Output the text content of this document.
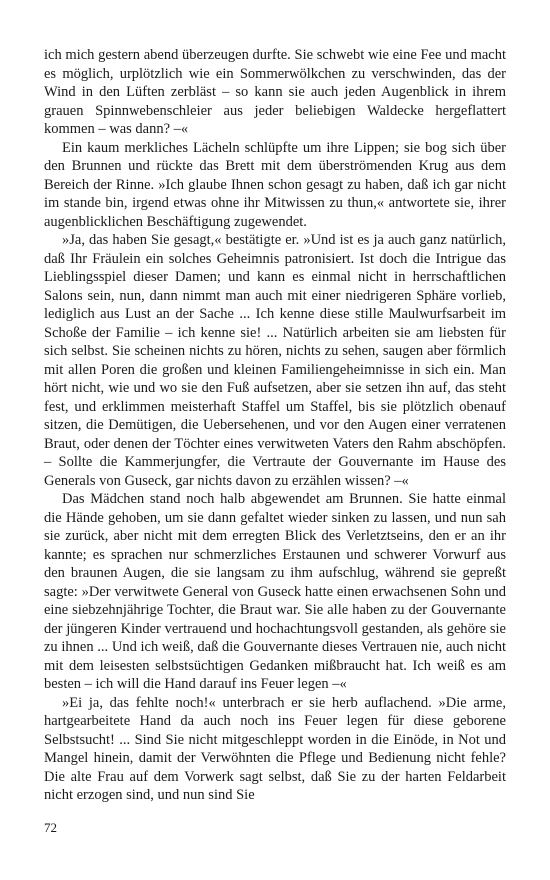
ich mich gestern abend überzeugen durfte. Sie schwebt wie eine Fee und macht es möglich, urplötzlich wie ein Sommerwölkchen zu verschwinden, das der Wind in den Lüften zerbläst – so kann sie auch jeden Augenblick in ihrem grauen Spinnwebenschleier aus jeder beliebigen Waldecke hergeflattert kommen – was dann? –«

Ein kaum merkliches Lächeln schlüpfte um ihre Lippen; sie bog sich über den Brunnen und rückte das Brett mit dem überströmenden Krug aus dem Bereich der Rinne. »Ich glaube Ihnen schon gesagt zu haben, daß ich gar nicht im stande bin, irgend etwas ohne ihr Mitwissen zu thun,« antwortete sie, ihrer augenblicklichen Beschäftigung zugewendet.

»Ja, das haben Sie gesagt,« bestätigte er. »Und ist es ja auch ganz natürlich, daß Ihr Fräulein ein solches Geheimnis patronisiert. Ist doch die Intrigue das Lieblingsspiel dieser Damen; und kann es einmal nicht in herrschaftlichen Salons sein, nun, dann nimmt man auch mit einer niedrigeren Sphäre vorlieb, lediglich aus Lust an der Sache ... Ich kenne diese stille Maulwurfsarbeit im Schoße der Familie – ich kenne sie! ... Natürlich arbeiten sie am liebsten für sich selbst. Sie scheinen nichts zu hören, nichts zu sehen, saugen aber förmlich mit allen Poren die großen und kleinen Familiengeheimnisse in sich ein. Man hört nicht, wie und wo sie den Fuß aufsetzen, aber sie setzen ihn auf, das steht fest, und erklimmen meisterhaft Staffel um Staffel, bis sie plötzlich obenauf sitzen, die Demütigen, die Uebersehenen, und vor den Augen einer verratenen Braut, oder denen der Töchter eines verwitweten Vaters den Rahm abschöpfen. – Sollte die Kammerjungfer, die Vertraute der Gouvernante im Hause des Generals von Guseck, gar nichts davon zu erzählen wissen? –«

Das Mädchen stand noch halb abgewendet am Brunnen. Sie hatte einmal die Hände gehoben, um sie dann gefaltet wieder sinken zu lassen, und nun sah sie zurück, aber nicht mit dem erregten Blick des Verletztseins, den er an ihr kannte; es sprachen nur schmerzliches Erstaunen und schwerer Vorwurf aus den braunen Augen, die sie langsam zu ihm aufschlug, während sie gepreßt sagte: »Der verwitwete General von Guseck hatte einen erwachsenen Sohn und eine siebzehnjährige Tochter, die Braut war. Sie alle haben zu der Gouvernante der jüngeren Kinder vertrauend und hochachtungsvoll gestanden, als gehöre sie zu ihnen ... Und ich weiß, daß die Gouvernante dieses Vertrauen nie, auch nicht mit dem leisesten selbstsüchtigen Gedanken mißbraucht hat. Ich weiß es am besten – ich will die Hand darauf ins Feuer legen –«

»Ei ja, das fehlte noch!« unterbrach er sie herb auflachend. »Die arme, hartgearbeitete Hand da auch noch ins Feuer legen für diese geborene Selbstsucht! ... Sind Sie nicht mitgeschleppt worden in die Einöde, in Not und Mangel hinein, damit der Verwöhnten die Pflege und Bedienung nicht fehle? Die alte Frau auf dem Vorwerk sagt selbst, daß Sie zu der harten Feldarbeit nicht erzogen sind, und nun sind Sie

72
